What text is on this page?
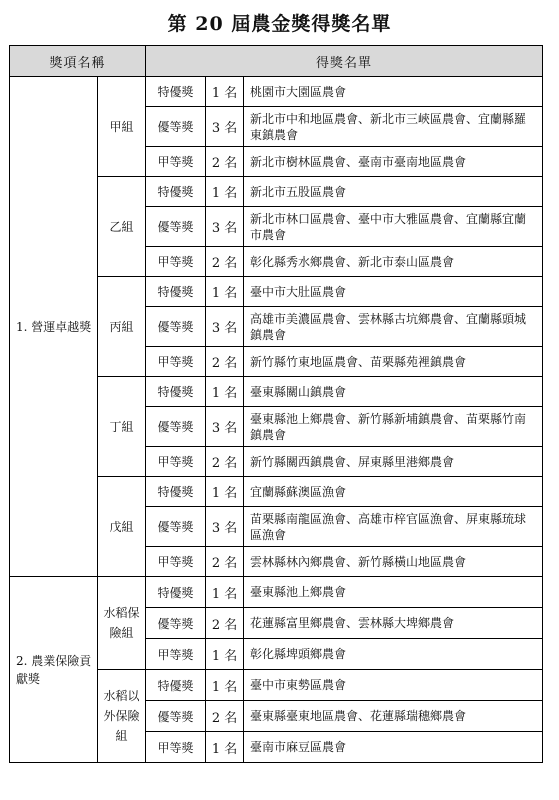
第 20 屆農金獎得獎名單
獎項名稱		得獎名單		
1. 營運卓越獎	甲組	特優獎	1 名	桃園市大園區農會
		優等獎	3 名	新北市中和地區農會、新北市三峽區農會、宜蘭縣羅東鎮農會
		甲等獎	2 名	新北市樹林區農會、臺南市臺南地區農會
	乙組	特優獎	1 名	新北市五股區農會
		優等獎	3 名	新北市林口區農會、臺中市大雅區農會、宜蘭縣宜蘭市農會
		甲等獎	2 名	彰化縣秀水鄉農會、新北市泰山區農會
	丙組	特優獎	1 名	臺中市大肚區農會
		優等獎	3 名	高雄市美濃區農會、雲林縣古坑鄉農會、宜蘭縣頭城鎮農會
		甲等獎	2 名	新竹縣竹東地區農會、苗栗縣苑裡鎮農會
	丁組	特優獎	1 名	臺東縣關山鎮農會
		優等獎	3 名	臺東縣池上鄉農會、新竹縣新埔鎮農會、苗栗縣竹南鎮農會
		甲等獎	2 名	新竹縣關西鎮農會、屏東縣里港鄉農會
	戊組	特優獎	1 名	宜蘭縣蘇澳區漁會
		優等獎	3 名	苗栗縣南龍區漁會、高雄市梓官區漁會、屏東縣琉球區漁會
		甲等獎	2 名	雲林縣林內鄉農會、新竹縣橫山地區農會
2. 農業保險貢獻獎	水稻保險組	特優獎	1 名	臺東縣池上鄉農會
		優等獎	2 名	花蓮縣富里鄉農會、雲林縣大埤鄉農會
		甲等獎	1 名	彰化縣埤頭鄉農會
	水稻以外保險組	特優獎	1 名	臺中市東勢區農會
		優等獎	2 名	臺東縣臺東地區農會、花蓮縣瑞穗鄉農會
		甲等獎	1 名	臺南市麻豆區農會
